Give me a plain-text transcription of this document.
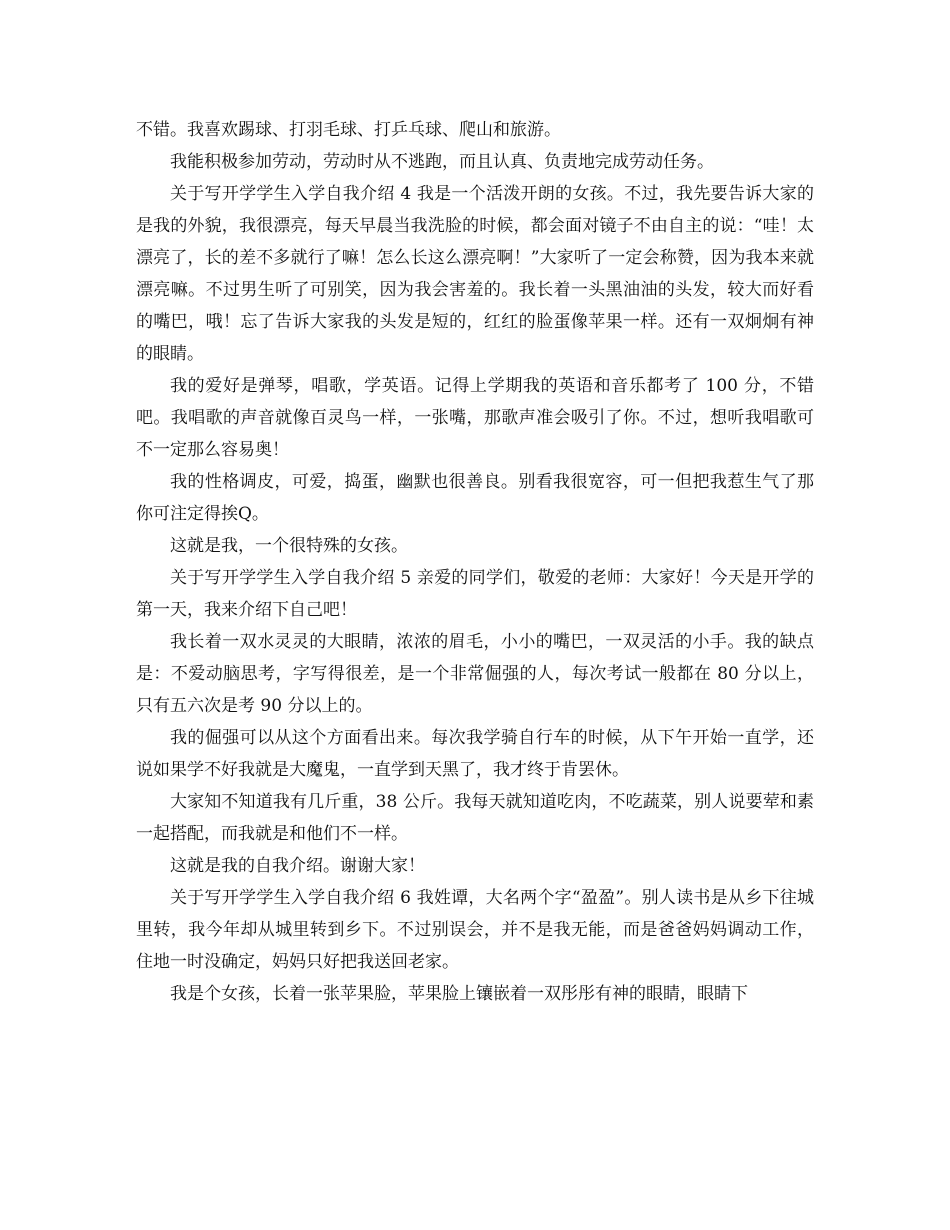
不错。我喜欢踢球、打羽毛球、打乒乓球、爬山和旅游。

我能积极参加劳动，劳动时从不逃跑，而且认真、负责地完成劳动任务。

关于写开学学生入学自我介绍 4 我是一个活泼开朗的女孩。不过，我先要告诉大家的是我的外貌，我很漂亮，每天早晨当我洗脸的时候，都会面对镜子不由自主的说：“哇！太漂亮了，长的差不多就行了嘛！怎么长这么漂亮啊！”大家听了一定会称赞，因为我本来就漂亮嘛。不过男生听了可别笑，因为我会害羞的。我长着一头黑油油的头发，较大而好看的嘴巴，哦！忘了告诉大家我的头发是短的，红红的脸蛋像苹果一样。还有一双炯炯有神的眼睛。

我的爱好是弹琴，唱歌，学英语。记得上学期我的英语和音乐都考了 100 分，不错吧。我唱歌的声音就像百灵鸟一样，一张嘴，那歌声准会吸引了你。不过，想听我唱歌可不一定那么容易奥！

我的性格调皮，可爱，捣蛋，幽默也很善良。别看我很宽容，可一但把我惹生气了那你可注定得挨Q。

这就是我，一个很特殊的女孩。

关于写开学学生入学自我介绍 5 亲爱的同学们，敬爱的老师：大家好！今天是开学的第一天，我来介绍下自己吧！

我长着一双水灵灵的大眼睛，浓浓的眉毛，小小的嘴巴，一双灵活的小手。我的缺点是：不爱动脑思考，字写得很差，是一个非常倔强的人，每次考试一般都在 80 分以上，只有五六次是考 90 分以上的。

我的倔强可以从这个方面看出来。每次我学骑自行车的时候，从下午开始一直学，还说如果学不好我就是大魔鬼，一直学到天黑了，我才终于肯罢休。

大家知不知道我有几斤重，38 公斤。我每天就知道吃肉，不吃蔬菜，别人说要荤和素一起搭配，而我就是和他们不一样。

这就是我的自我介绍。谢谢大家！

关于写开学学生入学自我介绍 6 我姓谭，大名两个字“盈盈”。别人读书是从乡下往城里转，我今年却从城里转到乡下。不过别误会，并不是我无能，而是爸爸妈妈调动工作，住地一时没确定，妈妈只好把我送回老家。

我是个女孩，长着一张苹果脸，苹果脸上镶嵌着一双彤彤有神的眼睛，眼睛下
